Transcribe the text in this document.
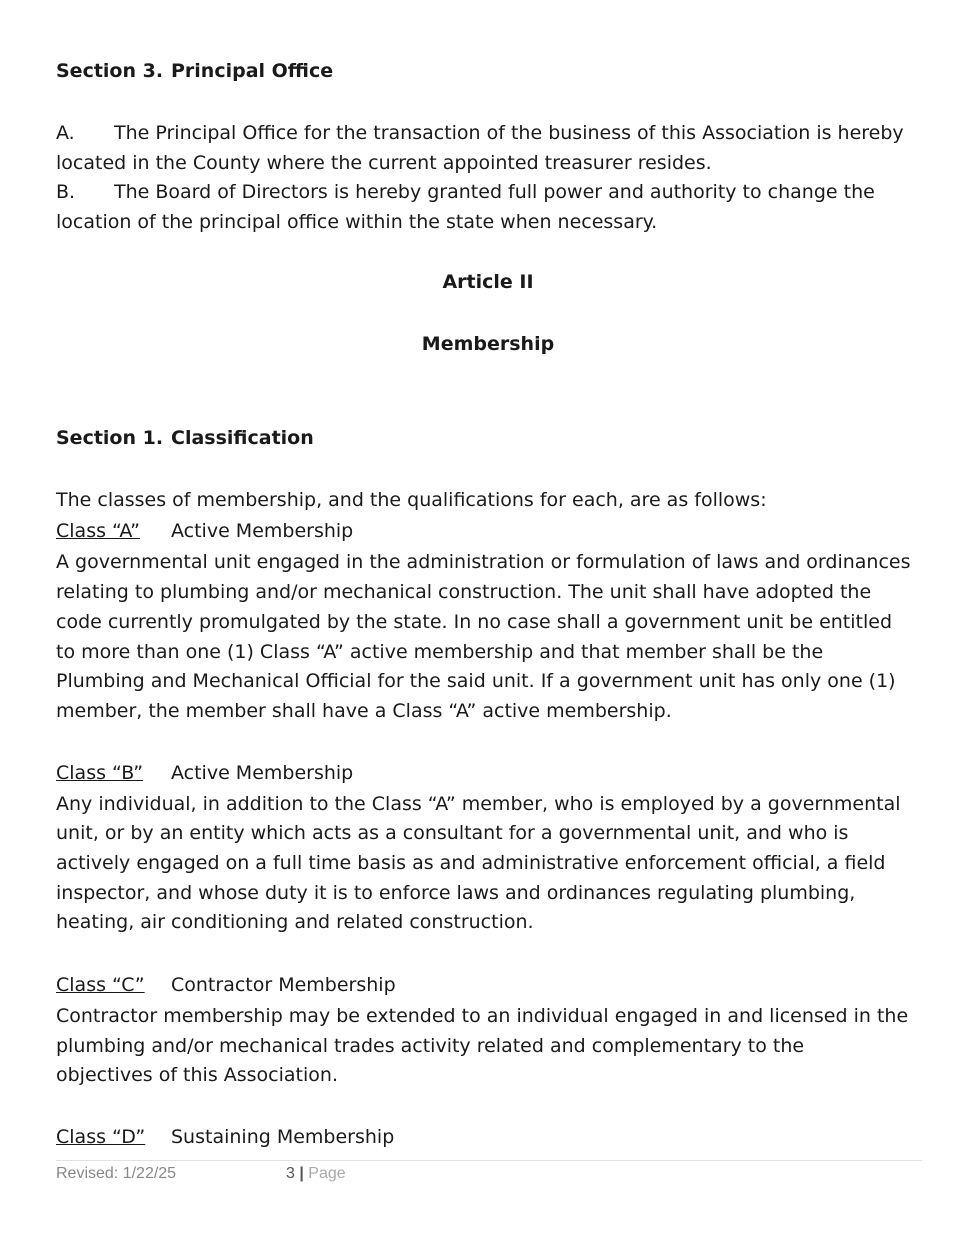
Section 3. Principal Office
A. The Principal Office for the transaction of the business of this Association is hereby
located in the County where the current appointed treasurer resides.
B. The Board of Directors is hereby granted full power and authority to change the
location of the principal office within the state when necessary.
Article II
Membership
Section 1. Classification
The classes of membership, and the qualifications for each, are as follows:
Class “A” Active Membership
A governmental unit engaged in the administration or formulation of laws and ordinances
relating to plumbing and/or mechanical construction. The unit shall have adopted the
code currently promulgated by the state. In no case shall a government unit be entitled
to more than one (1) Class “A” active membership and that member shall be the
Plumbing and Mechanical Official for the said unit. If a government unit has only one (1)
member, the member shall have a Class “A” active membership.
Class “B” Active Membership
Any individual, in addition to the Class “A” member, who is employed by a governmental
unit, or by an entity which acts as a consultant for a governmental unit, and who is
actively engaged on a full time basis as and administrative enforcement official, a field
inspector, and whose duty it is to enforce laws and ordinances regulating plumbing,
heating, air conditioning and related construction.
Class “C” Contractor Membership
Contractor membership may be extended to an individual engaged in and licensed in the
plumbing and/or mechanical trades activity related and complementary to the
objectives of this Association.
Class “D” Sustaining Membership
Revised: 1/22/25	3 | Page
